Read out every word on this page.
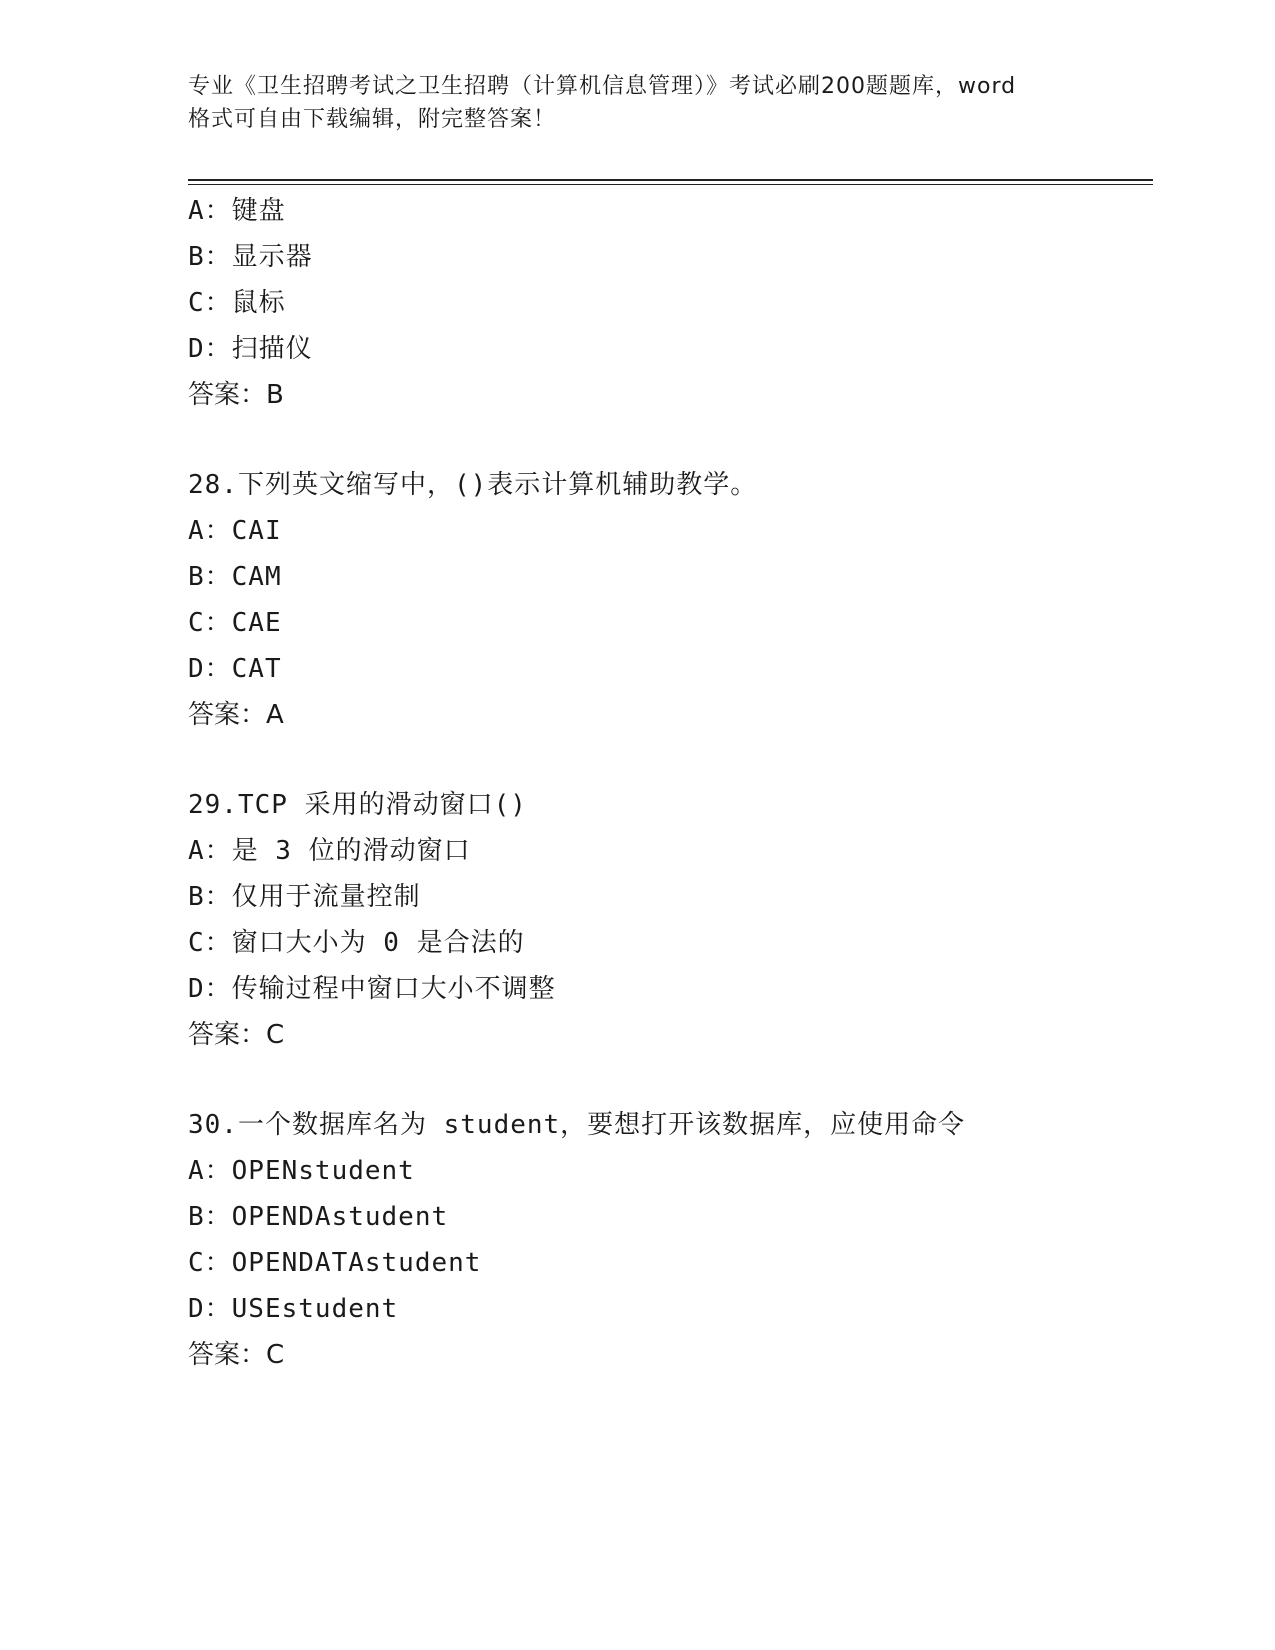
专业《卫生招聘考试之卫生招聘（计算机信息管理）》考试必刷200题题库，word
格式可自由下载编辑，附完整答案！
A：键盘
B：显示器
C：鼠标
D：扫描仪
答案：B
28.下列英文缩写中，()表示计算机辅助教学。
A：CAI
B：CAM
C：CAE
D：CAT
答案：A
29.TCP 采用的滑动窗口()
A：是 3 位的滑动窗口
B：仅用于流量控制
C：窗口大小为 0 是合法的
D：传输过程中窗口大小不调整
答案：C
30.一个数据库名为 student，要想打开该数据库，应使用命令
A：OPENstudent
B：OPENDAstudent
C：OPENDATAstudent
D：USEstudent
答案：C
